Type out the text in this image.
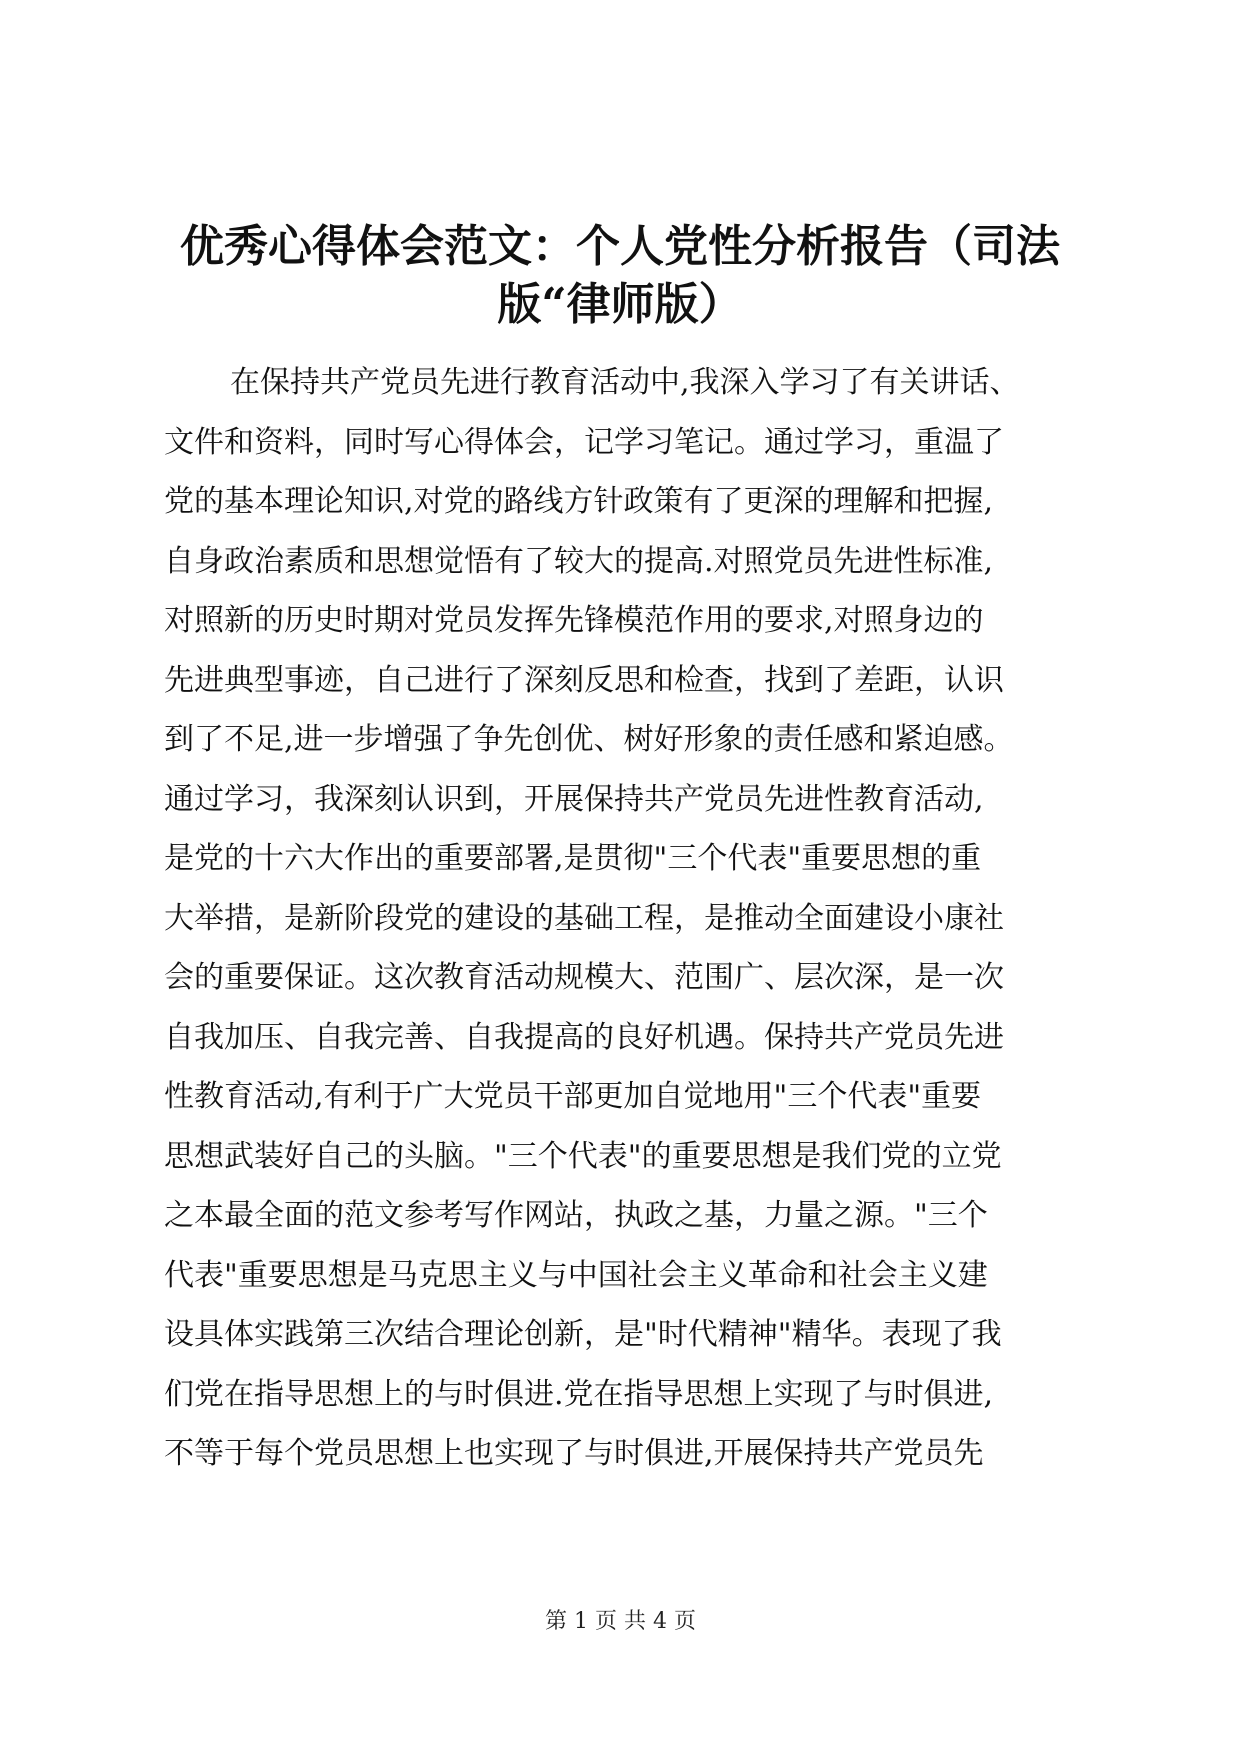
优秀心得体会范文：个人党性分析报告（司法
版“律师版）
在保持共产党员先进行教育活动中,我深入学习了有关讲话、
文件和资料，同时写心得体会，记学习笔记。通过学习，重温了
党的基本理论知识,对党的路线方针政策有了更深的理解和把握,
自身政治素质和思想觉悟有了较大的提高.对照党员先进性标准,
对照新的历史时期对党员发挥先锋模范作用的要求,对照身边的
先进典型事迹，自己进行了深刻反思和检查，找到了差距，认识
到了不足,进一步增强了争先创优、树好形象的责任感和紧迫感。
通过学习，我深刻认识到，开展保持共产党员先进性教育活动,
是党的十六大作出的重要部署,是贯彻"三个代表"重要思想的重
大举措，是新阶段党的建设的基础工程，是推动全面建设小康社
会的重要保证。这次教育活动规模大、范围广、层次深，是一次
自我加压、自我完善、自我提高的良好机遇。保持共产党员先进
性教育活动,有利于广大党员干部更加自觉地用"三个代表"重要
思想武装好自己的头脑。"三个代表"的重要思想是我们党的立党
之本最全面的范文参考写作网站，执政之基，力量之源。"三个
代表"重要思想是马克思主义与中国社会主义革命和社会主义建
设具体实践第三次结合理论创新，是"时代精神"精华。表现了我
们党在指导思想上的与时俱进.党在指导思想上实现了与时俱进,
不等于每个党员思想上也实现了与时俱进,开展保持共产党员先
第 1 页 共 4 页
